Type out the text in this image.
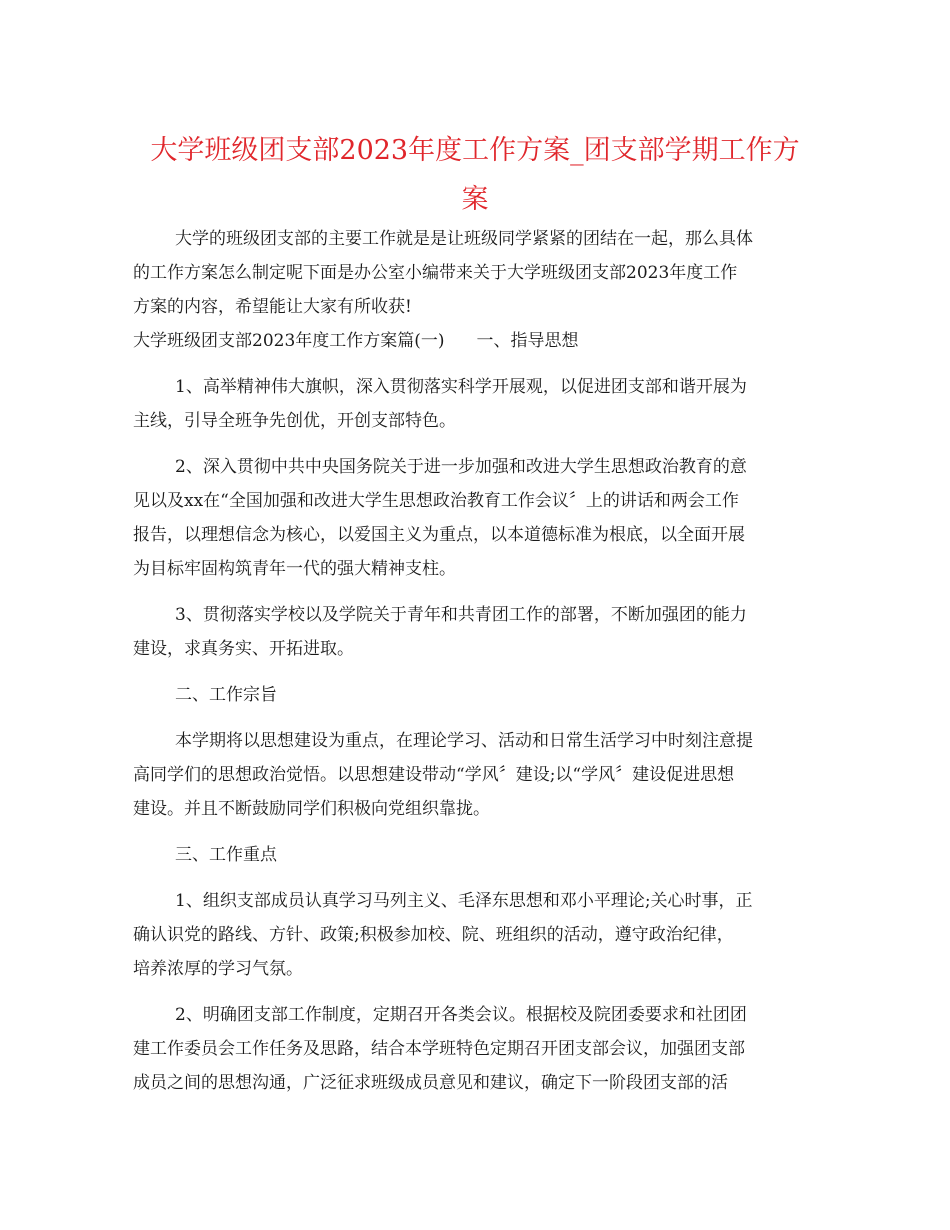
大学班级团支部2023年度工作方案_团支部学期工作方
案

大学的班级团支部的主要工作就是是让班级同学紧紧的团结在一起，那么具体

的工作方案怎么制定呢下面是办公室小编带来关于大学班级团支部2023年度工作

方案的内容，希望能让大家有所收获!

大学班级团支部2023年度工作方案篇(一) 一、指导思想

1、高举精神伟大旗帜，深入贯彻落实科学开展观，以促进团支部和谐开展为

主线，引导全班争先创优，开创支部特色。

2、深入贯彻中共中央国务院关于进一步加强和改进大学生思想政治教育的意

见以及xx在“全国加强和改进大学生思想政治教育工作会议〞上的讲话和两会工作

报告，以理想信念为核心，以爱国主义为重点，以本道德标准为根底，以全面开展

为目标牢固构筑青年一代的强大精神支柱。

3、贯彻落实学校以及学院关于青年和共青团工作的部署，不断加强团的能力

建设，求真务实、开拓进取。

二、工作宗旨

本学期将以思想建设为重点，在理论学习、活动和日常生活学习中时刻注意提

高同学们的思想政治觉悟。以思想建设带动“学风〞建设;以“学风〞建设促进思想

建设。并且不断鼓励同学们积极向党组织靠拢。

三、工作重点

1、组织支部成员认真学习马列主义、毛泽东思想和邓小平理论;关心时事，正

确认识党的路线、方针、政策;积极参加校、院、班组织的活动，遵守政治纪律，

培养浓厚的学习气氛。

2、明确团支部工作制度，定期召开各类会议。根据校及院团委要求和社团团

建工作委员会工作任务及思路，结合本学班特色定期召开团支部会议，加强团支部

成员之间的思想沟通，广泛征求班级成员意见和建议，确定下一阶段团支部的活
